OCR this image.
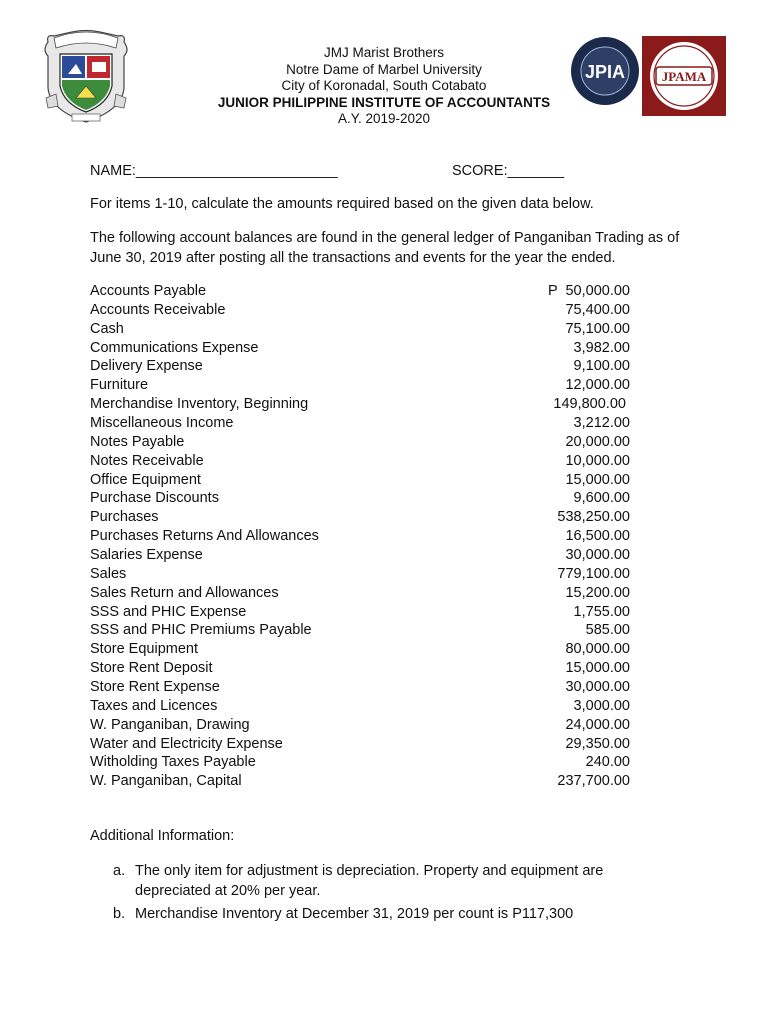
JMJ Marist Brothers
Notre Dame of Marbel University
City of Koronadal, South Cotabato
JUNIOR PHILIPPINE INSTITUTE OF ACCOUNTANTS
A.Y. 2019-2020
JPIA	JPAMA
NAME:_________________________	SCORE:_______
For items 1-10, calculate the amounts required based on the given data below.
The following account balances are found in the general ledger of Panganiban Trading as of June 30, 2019 after posting all the transactions and events for the year the ended.
Accounts Payable	P  50,000.00
Accounts Receivable	75,400.00
Cash	75,100.00
Communications Expense	3,982.00
Delivery Expense	9,100.00
Furniture	12,000.00
Merchandise Inventory, Beginning	149,800.00
Miscellaneous Income	3,212.00
Notes Payable	20,000.00
Notes Receivable	10,000.00
Office Equipment	15,000.00
Purchase Discounts	9,600.00
Purchases	538,250.00
Purchases Returns And Allowances	16,500.00
Salaries Expense	30,000.00
Sales	779,100.00
Sales Return and Allowances	15,200.00
SSS and PHIC Expense	1,755.00
SSS and PHIC Premiums Payable	585.00
Store Equipment	80,000.00
Store Rent Deposit	15,000.00
Store Rent Expense	30,000.00
Taxes and Licences	3,000.00
W. Panganiban, Drawing	24,000.00
Water and Electricity Expense	29,350.00
Witholding Taxes Payable	240.00
W. Panganiban, Capital	237,700.00
Additional Information:
a. The only item for adjustment is depreciation. Property and equipment are depreciated at 20% per year.
b. Merchandise Inventory at December 31, 2019 per count is P117,300
